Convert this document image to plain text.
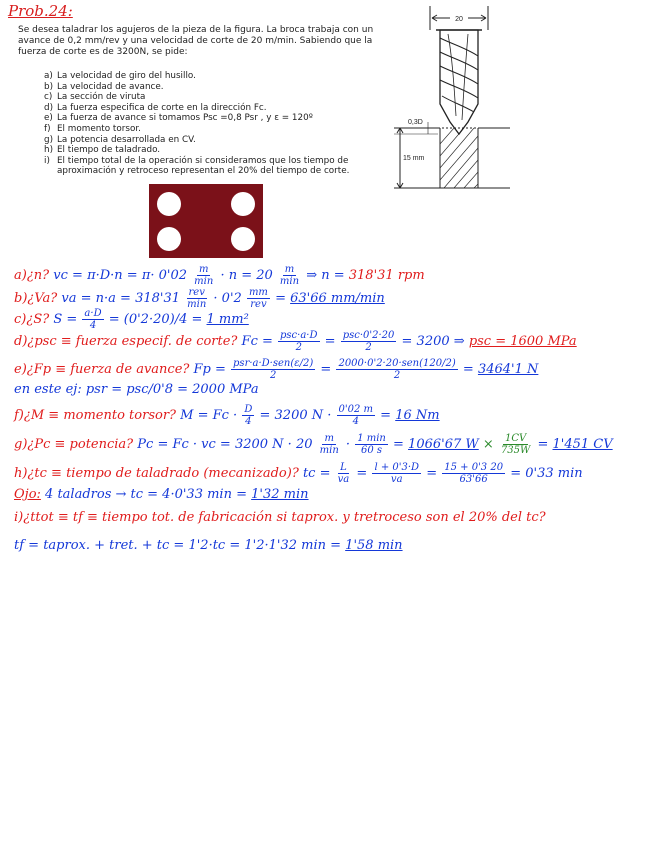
Prob.24:
Se desea taladrar los agujeros de la pieza de la figura. La broca trabaja con un avance de 0,2 mm/rev y una velocidad de corte de 20 m/min. Sabiendo que la fuerza de corte es de 3200N, se pide:
a) La velocidad de giro del husillo.
b) La velocidad de avance.
c) La sección de viruta
d) La fuerza especifica de corte en la dirección Fc.
e) La fuerza de avance si tomamos Psc =0,8 Psr , y ε = 120º
f) El momento torsor.
g) La potencia desarrollada en CV.
h) El tiempo de taladrado.
i) El tiempo total de la operación si consideramos que los tiempo de aproximación y retroceso representan el 20% del tiempo de corte.
20
0,3D
15 mm
a)¿n? vc = π·D·n = π· 0'02 m
min · n = 20 m
min ⇒ n = 318'31 rpm
b)¿Va? va = n·a = 318'31 rev
min · 0'2 mm
rev = 63'66 mm/min
c)¿S? $S = \frac{a\cdot D}{4} = (0'2\cdot 20)/4 = 1$ mm²
d)¿psc ≡ fuerza especif. de corte? Fc = psc·a·D
2 = psc·0'2·20
2 = 3200 ⇒ psc = 1600 MPa
e)¿Fp ≡ fuerza de avance? Fp = psr·a·D·sen(ε/2)
2	= 2000·0'2·20·sen(120/2)
2	= 3464'1 N
en este ej: psr = psc/0'8 = 2000 MPa
f)¿M ≡ momento torsor? $M = Fc \cdot \frac{D}{4} = 3200$ $N \cdot \frac{0'02 m}{4} = 16$ Nm
g)¿Pc ≡ potencia? Pc = Fc · vc = 3200 N · 20 m
min · 1 min
60 s = 1066'67 $W \times \frac{1CV}{735W} = 1'451$ CV
h)¿tc ≡ tiempo de taladrado (mecanizado)? tc = $\frac{L}{va} = \frac{l + 0'3\cdot D}{va} = \frac{15 + 0'3 20}{63'66} = 0'33$ min
Ojo: 4 taladros → tc = 4·0'33 min = 1'32 min
i)¿ttot ≡ tf ≡ tiempo tot. de fabricación si taprox. y tretroceso son el 20% del tc?
tf = taprox. + tret. + tc = 1'2·tc = 1'2·1'32 min = 1'58 min
